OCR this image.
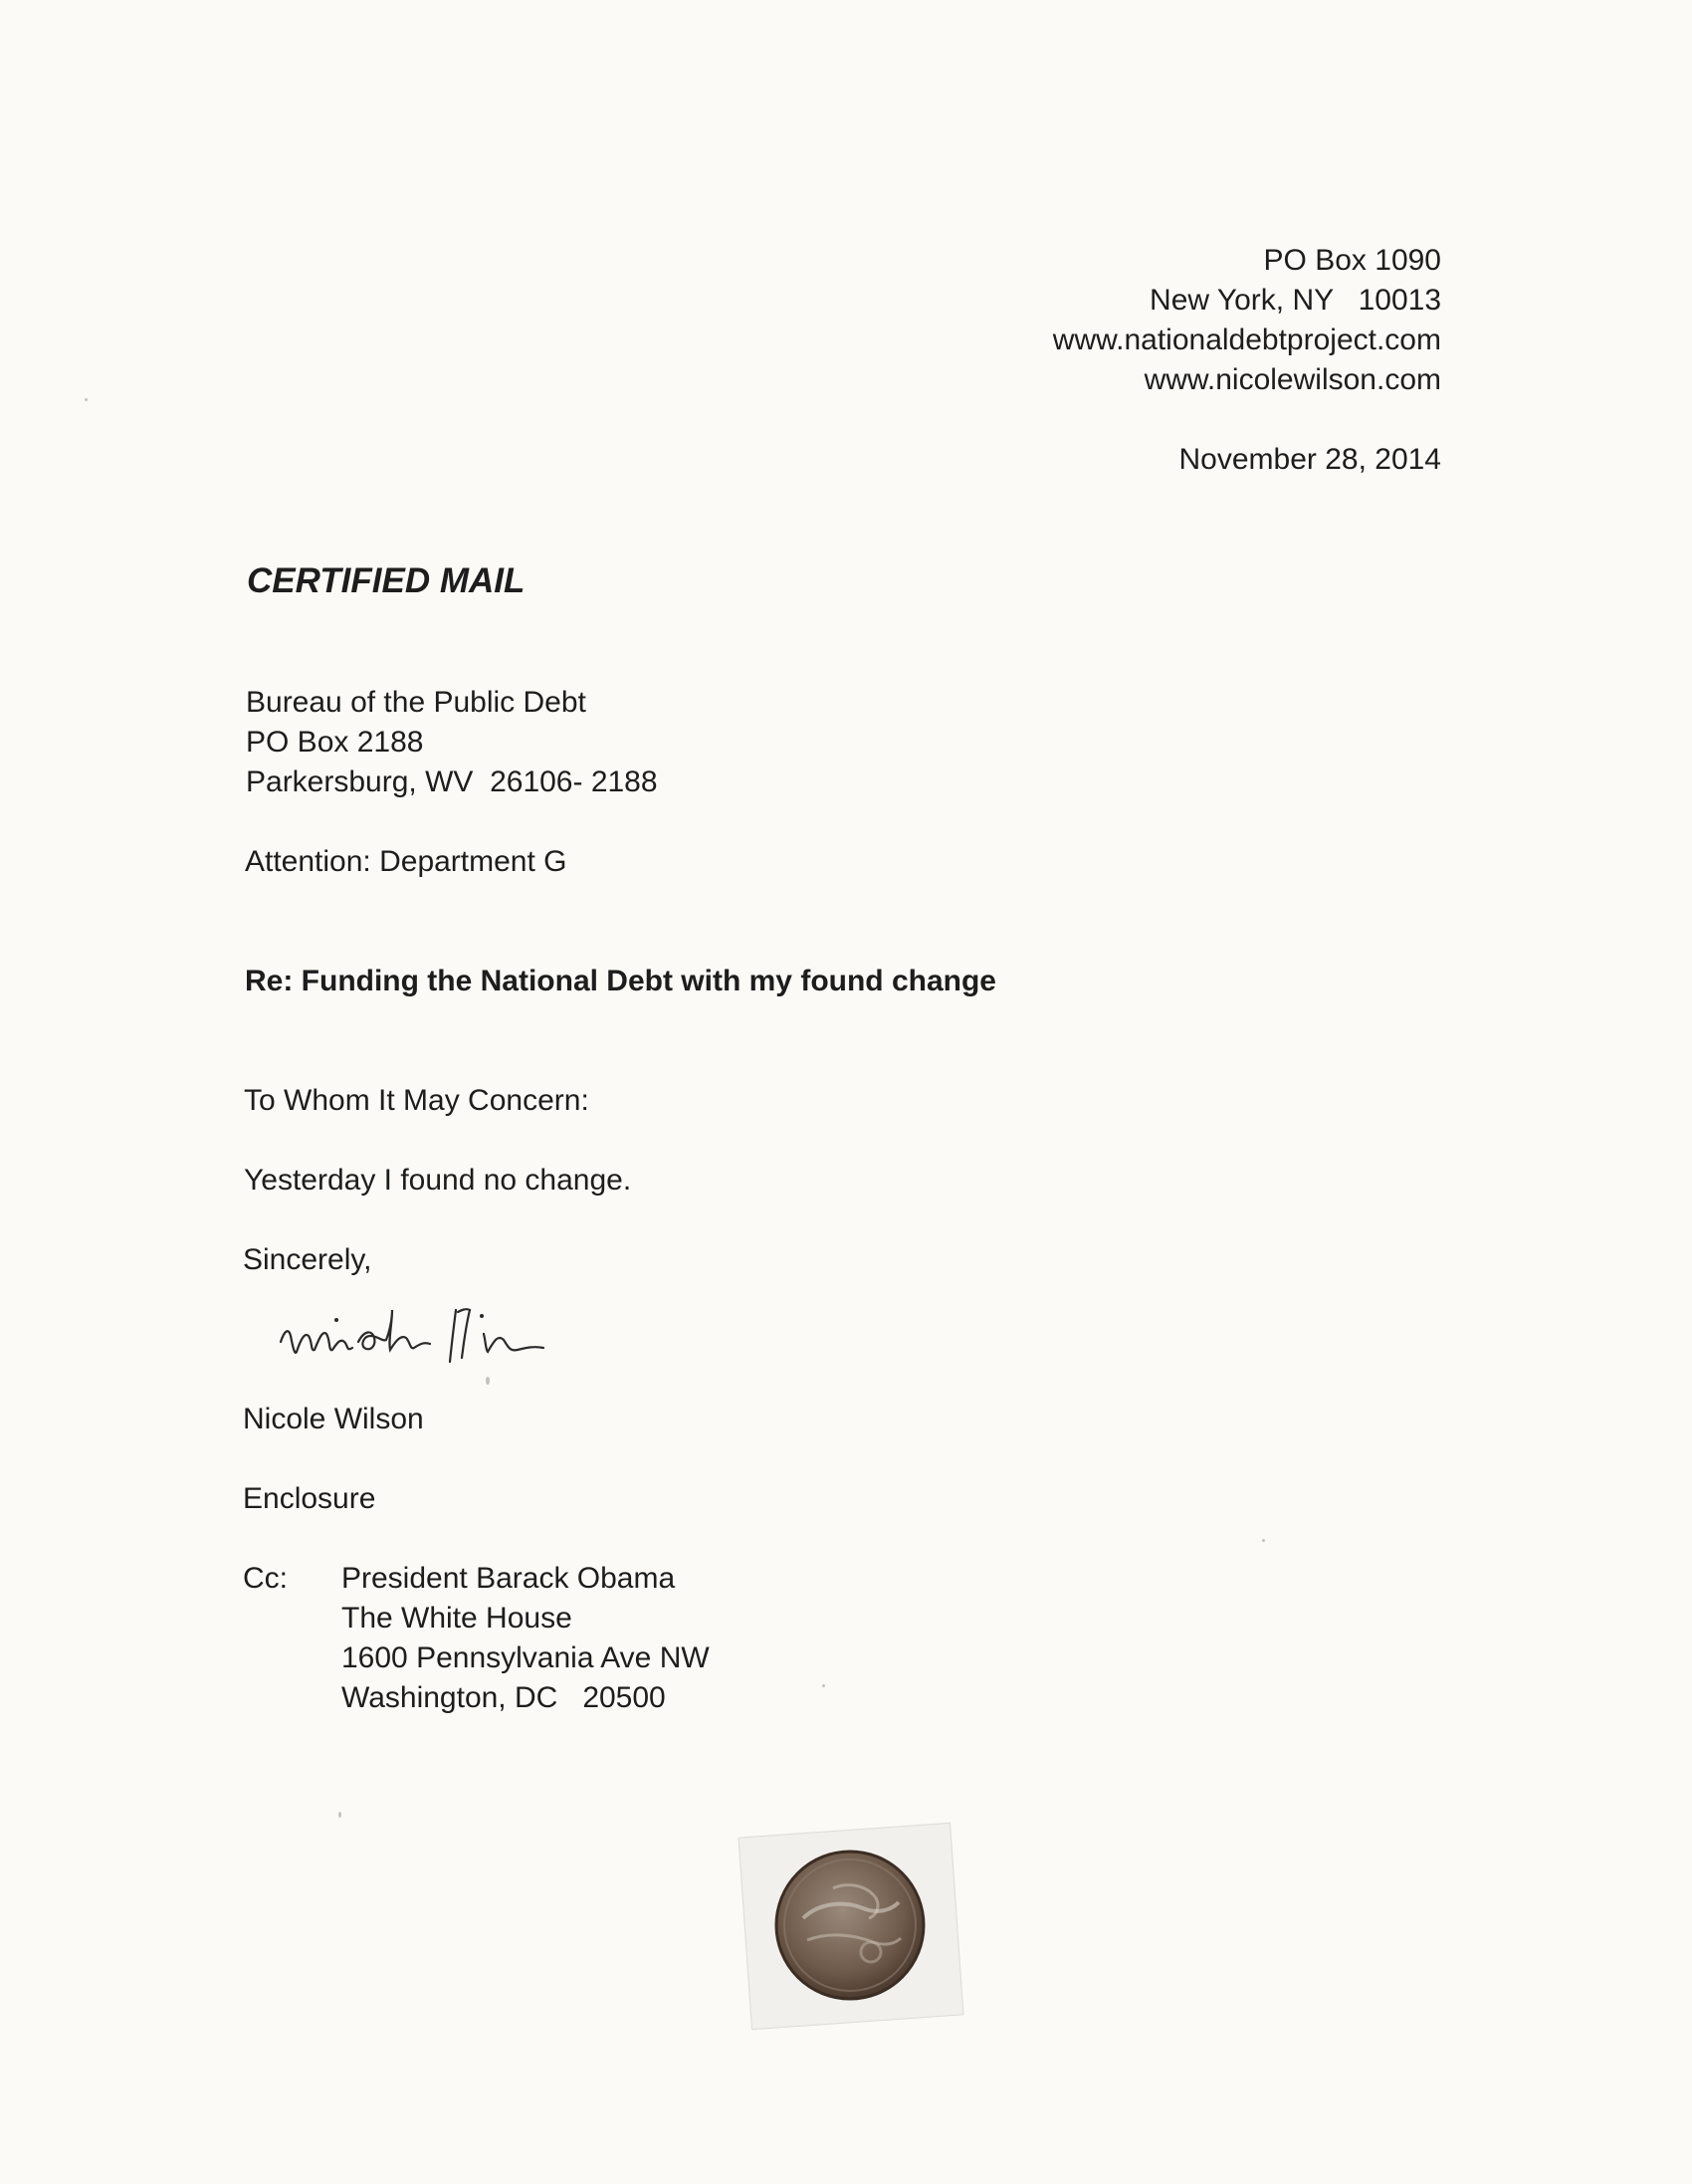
PO Box 1090
New York, NY   10013
www.nationaldebtproject.com
www.nicolewilson.com
November 28, 2014
CERTIFIED MAIL
Bureau of the Public Debt
PO Box 2188
Parkersburg, WV  26106- 2188
Attention: Department G
Re: Funding the National Debt with my found change
To Whom It May Concern:
Yesterday I found no change.
Sincerely,
Nicole Wilson
Enclosure
Cc: President Barack Obama
The White House
1600 Pennsylvania Ave NW
Washington, DC   20500
